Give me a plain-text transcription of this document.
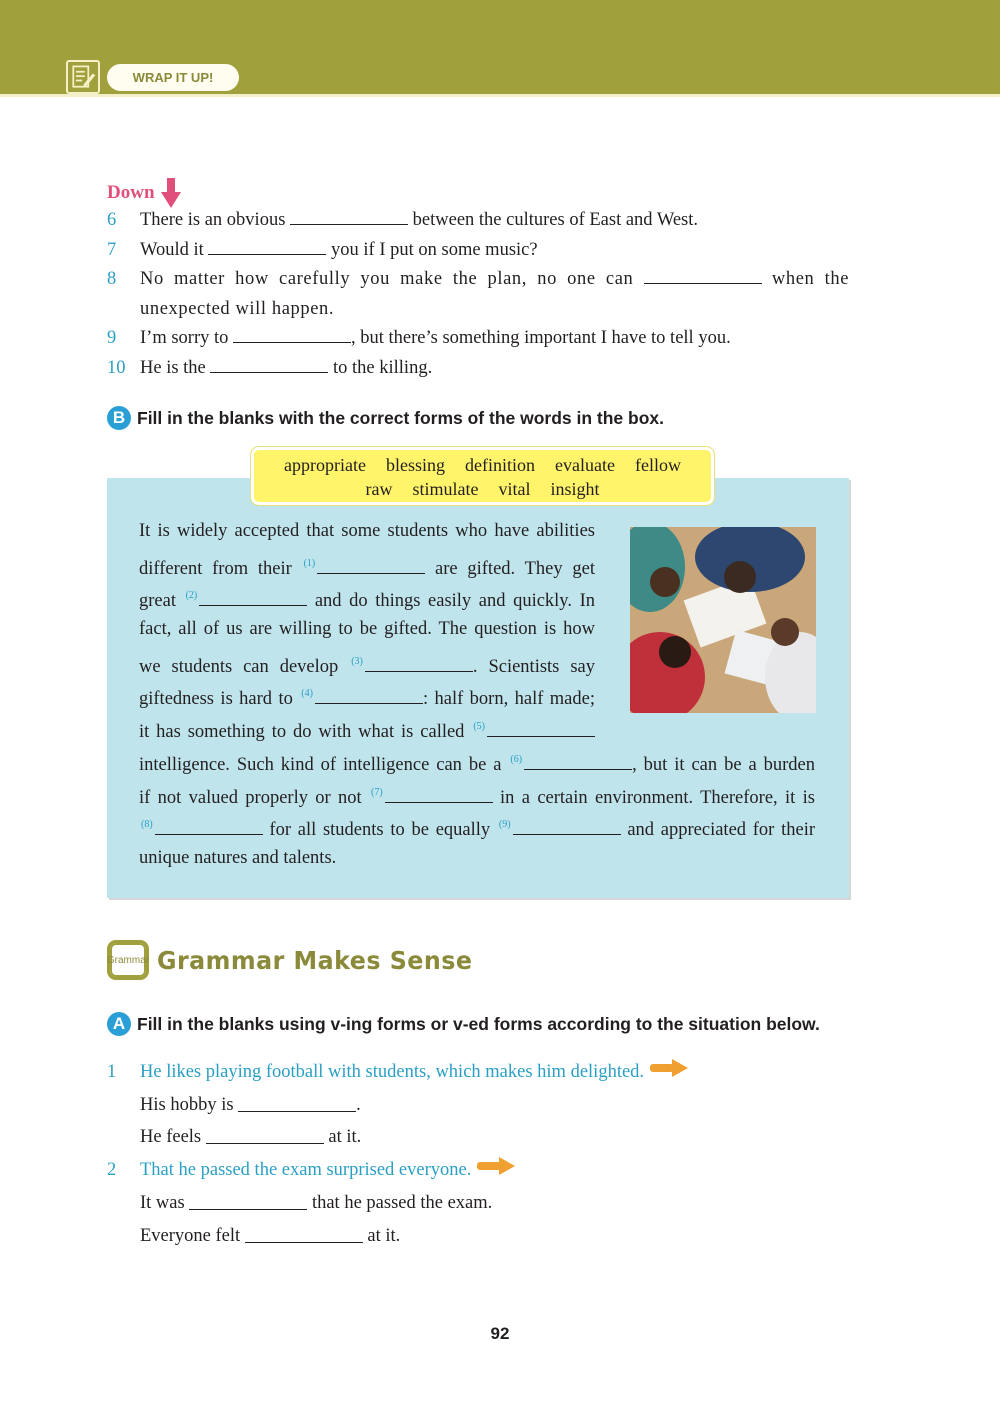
WRAP IT UP!
Down
6	There is an obvious	between the cultures of East and West.
7	Would it	you if I put on some music?
8	No matter how carefully you make the plan, no one can	when the
unexpected will happen.
9	I’m sorry to	, but there’s something important I have to tell you.
10 He is the	to the killing.
B Fill in the blanks with the correct forms of the words in the box.
appropriate blessing definition evaluate fellow
raw stimulate vital insight
It is widely accepted that some students who have abilities
different from their $^{(1)}$	are gifted. They get
great $^{(2)}$	and do things easily and quickly. In
fact, all of us are willing to be gifted. The question is how
we students can develop $^{(3)}$	. Scientists say
giftedness is hard to $^{(4)}$	: half born, half made;
it has something to do with what is called $^{(5)}$
intelligence. Such kind of intelligence can be a $^{(6)}$	, but it can be a burden
if not valued properly or not $^{(7)}$	in a certain environment. Therefore, it is
$^{(8)}$	for all students to be equally $^{(9)}$	and appreciated for their
unique natures and talents.
Grammar Grammar Makes Sense
A Fill in the blanks using v-ing forms or v-ed forms according to the situation below.
1	He likes playing football with students, which makes him delighted.
His hobby is
	.
He feels

	at it.
2	That he passed the exam surprised everyone.
It was

	that he passed the exam.
Everyone felt

	at it.
92
